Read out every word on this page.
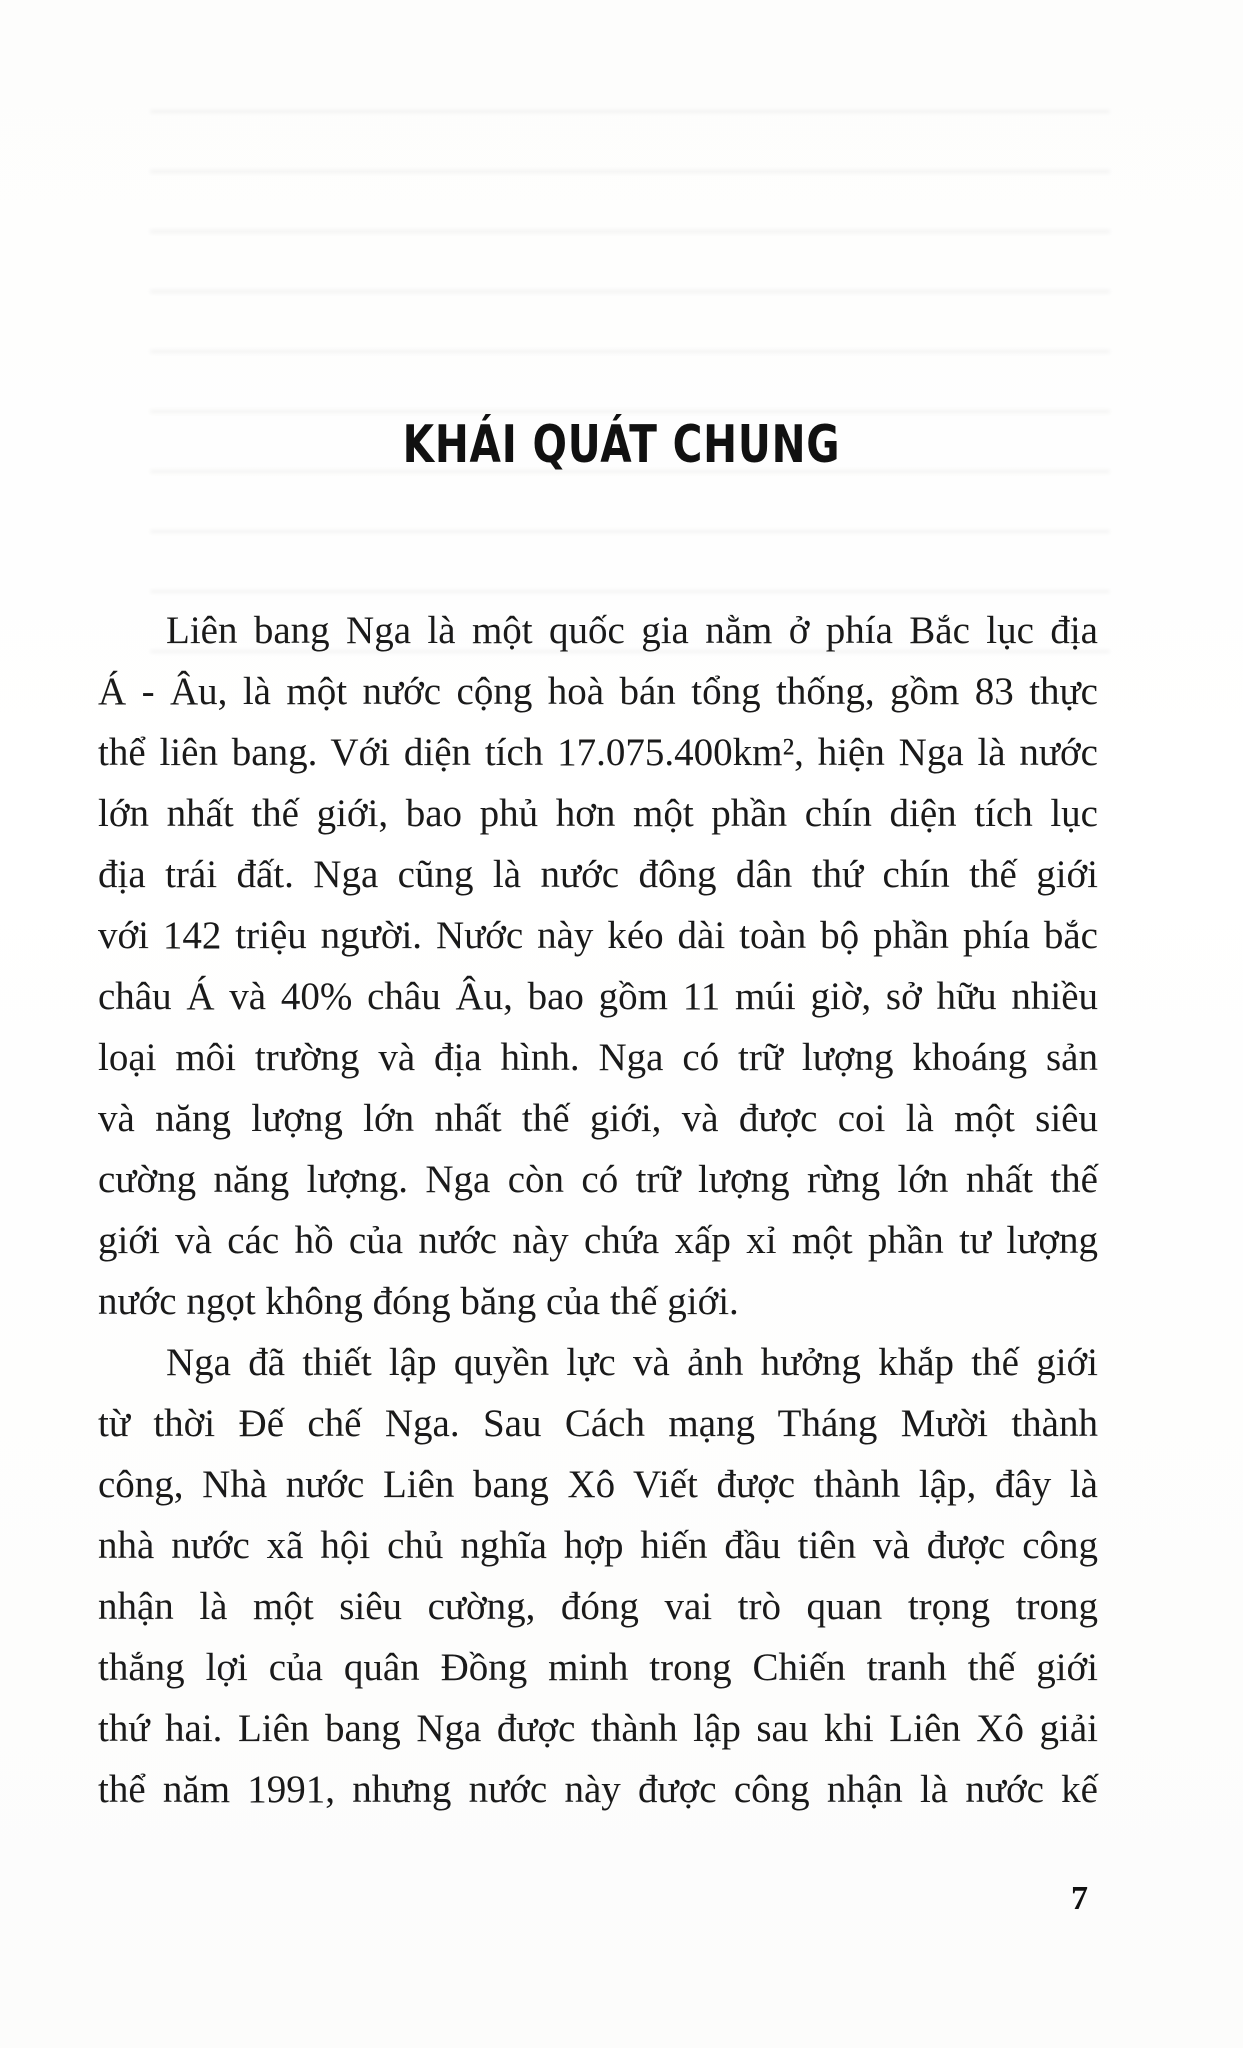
KHÁI QUÁT CHUNG
Liên bang Nga là một quốc gia nằm ở phía Bắc lục địa
Á - Âu, là một nước cộng hoà bán tổng thống, gồm 83 thực
thể liên bang. Với diện tích 17.075.400km², hiện Nga là nước
lớn nhất thế giới, bao phủ hơn một phần chín diện tích lục
địa trái đất. Nga cũng là nước đông dân thứ chín thế giới
với 142 triệu người. Nước này kéo dài toàn bộ phần phía bắc
châu Á và 40% châu Âu, bao gồm 11 múi giờ, sở hữu nhiều
loại môi trường và địa hình. Nga có trữ lượng khoáng sản
và năng lượng lớn nhất thế giới, và được coi là một siêu
cường năng lượng. Nga còn có trữ lượng rừng lớn nhất thế
giới và các hồ của nước này chứa xấp xỉ một phần tư lượng
nước ngọt không đóng băng của thế giới.
Nga đã thiết lập quyền lực và ảnh hưởng khắp thế giới
từ thời Đế chế Nga. Sau Cách mạng Tháng Mười thành
công, Nhà nước Liên bang Xô Viết được thành lập, đây là
nhà nước xã hội chủ nghĩa hợp hiến đầu tiên và được công
nhận là một siêu cường, đóng vai trò quan trọng trong
thắng lợi của quân Đồng minh trong Chiến tranh thế giới
thứ hai. Liên bang Nga được thành lập sau khi Liên Xô giải
thể năm 1991, nhưng nước này được công nhận là nước kế
7
